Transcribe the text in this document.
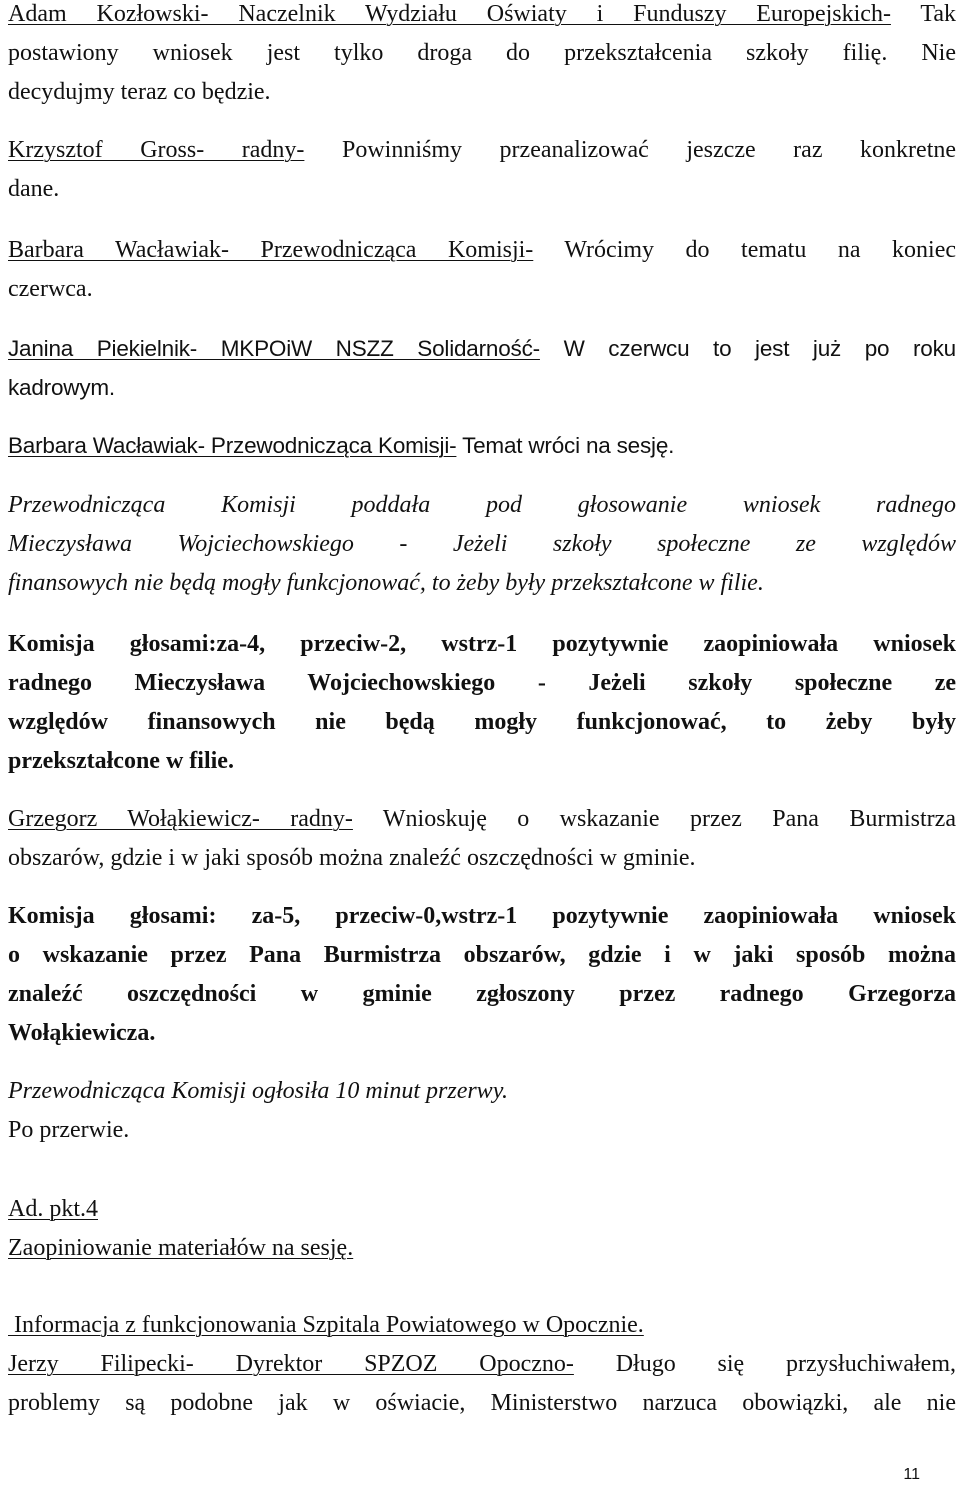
Adam Kozłowski- Naczelnik Wydziału Oświaty i Funduszy Europejskich- Tak

postawiony wniosek jest tylko droga do przekształcenia szkoły filię. Nie

decydujmy teraz co będzie.

Krzysztof Gross- radny- Powinniśmy przeanalizować jeszcze raz konkretne

dane.

Barbara Wacławiak- Przewodnicząca Komisji- Wrócimy do tematu na koniec

czerwca.

Janina Piekielnik- MKPOiW NSZZ Solidarność- W czerwcu to jest już po roku

kadrowym.

Barbara Wacławiak- Przewodnicząca Komisji- Temat wróci na sesję.

Przewodnicząca Komisji poddała pod głosowanie wniosek radnego

Mieczysława Wojciechowskiego - Jeżeli szkoły społeczne ze względów

finansowych nie będą mogły funkcjonować, to żeby były przekształcone w filie.

Komisja głosami:za-4, przeciw-2, wstrz-1 pozytywnie zaopiniowała wniosek

radnego Mieczysława Wojciechowskiego - Jeżeli szkoły społeczne ze

względów finansowych nie będą mogły funkcjonować, to żeby były

przekształcone w filie.

Grzegorz Wołąkiewicz- radny- Wnioskuję o wskazanie przez Pana Burmistrza

obszarów, gdzie i w jaki sposób można znaleźć oszczędności w gminie.

Komisja głosami: za-5, przeciw-0,wstrz-1 pozytywnie zaopiniowała wniosek

o wskazanie przez Pana Burmistrza obszarów, gdzie i w jaki sposób można

znaleźć oszczędności w gminie zgłoszony przez radnego Grzegorza

Wołąkiewicza.

Przewodnicząca Komisji ogłosiła 10 minut przerwy.

Po przerwie.

Ad. pkt.4

Zaopiniowanie materiałów na sesję.

Informacja z funkcjonowania Szpitala Powiatowego w Opocznie.

Jerzy Filipecki- Dyrektor SPZOZ Opoczno- Długo się przysłuchiwałem,

problemy są podobne jak w oświacie, Ministerstwo narzuca obowiązki, ale nie

11
